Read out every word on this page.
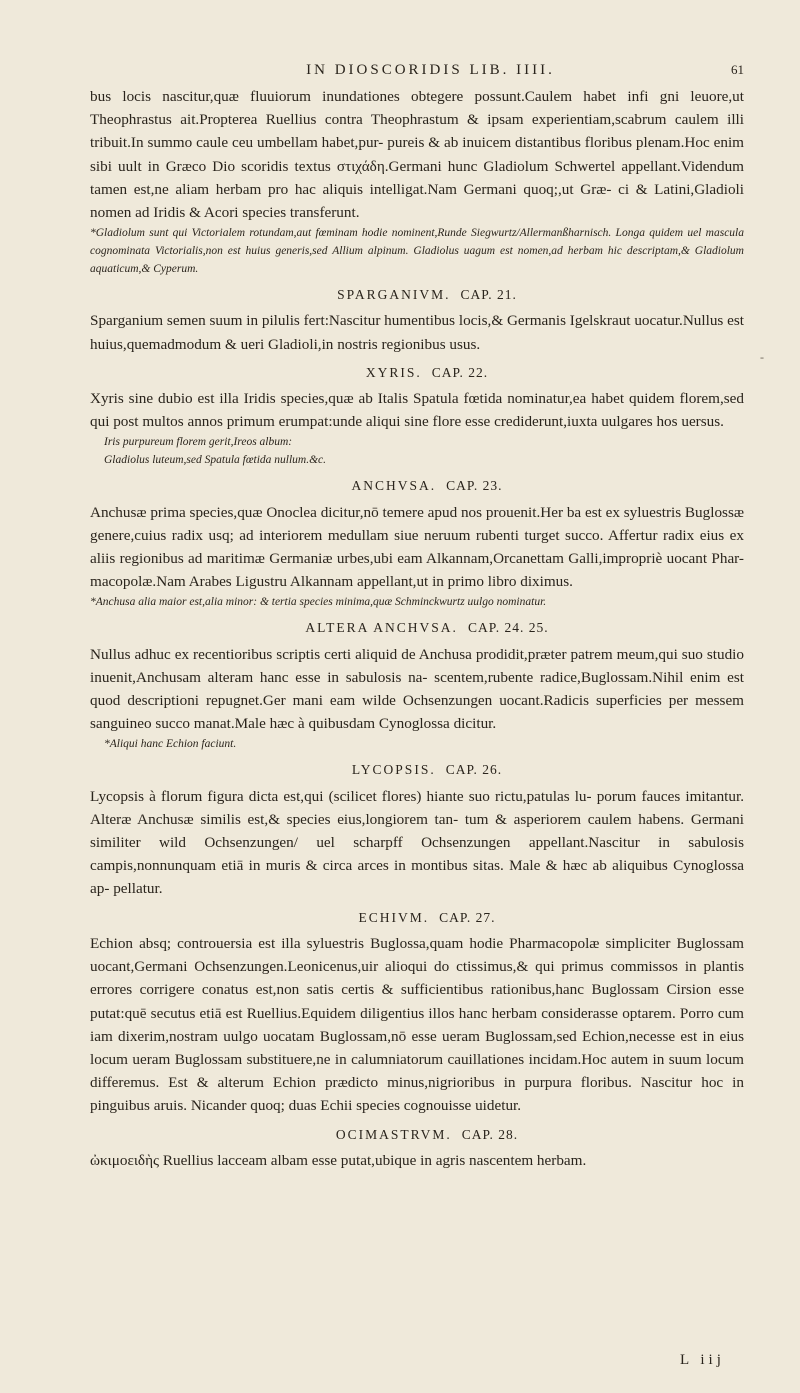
IN DIOSCORIDIS LIB. IIII.	61

bus locis nascitur,quæ fluuiorum inundationes obtegere possunt.Caulem habet infi gni leuore,ut Theophrastus ait.Propterea Ruellius contra Theophrastum & ipsam experientiam,scabrum caulem illi tribuit.In summo caule ceu umbellam habet,pur- pureis & ab inuicem distantibus floribus plenam.Hoc enim sibi uult in Græco Dio scoridis textus στιχάδη.Germani hunc Gladiolum Schwertel appellant.Videndum tamen est,ne aliam herbam pro hac aliquis intelligat.Nam Germani quoq;,ut Græ- ci & Latini,Gladioli nomen ad Iridis & Acori species transferunt.

*Gladiolum sunt qui Victorialem rotundam,aut fœminam hodie nominent,Runde Siegwurtz/Allermanßharnisch. Longa quidem uel mascula cognominata Victorialis,non est huius generis,sed Allium alpinum. Gladiolus uagum est nomen,ad herbam hic descriptam,& Gladiolum aquaticum,& Cyperum.

SPARGANIVM. CAP. 21.

Sparganium semen suum in pilulis fert:Nascitur humentibus locis,& Germanis Igelskraut uocatur.Nullus est huius,quemadmodum & ueri Gladioli,in nostris regionibus usus.

XYRIS. CAP. 22.

Xyris sine dubio est illa Iridis species,quæ ab Italis Spatula fœtida nominatur,ea habet quidem florem,sed qui post multos annos primum erumpat:unde aliqui sine flore esse crediderunt,iuxta uulgares hos uersus.

Iris purpureum florem gerit,Ireos album:

Gladiolus luteum,sed Spatula fœtida nullum.&c.

ANCHVSA. CAP. 23.

Anchusæ prima species,quæ Onoclea dicitur,nō temere apud nos prouenit.Her ba est ex syluestris Buglossæ genere,cuius radix usq; ad interiorem medullam siue neruum rubenti turget succo. Affertur radix eius ex aliis regionibus ad maritimæ Germaniæ urbes,ubi eam Alkannam,Orcanettam Galli,impropriè uocant Phar- macopolæ.Nam Arabes Ligustru Alkannam appellant,ut in primo libro diximus.

*Anchusa alia maior est,alia minor: & tertia species minima,quæ Schminckwurtz uulgo nominatur.

ALTERA ANCHVSA. CAP. 24. 25.

Nullus adhuc ex recentioribus scriptis certi aliquid de Anchusa prodidit,præter patrem meum,qui suo studio inuenit,Anchusam alteram hanc esse in sabulosis na- scentem,rubente radice,Buglossam.Nihil enim est quod descriptioni repugnet.Ger mani eam wilde Ochsenzungen uocant.Radicis superficies per messem sanguineo succo manat.Male hæc à quibusdam Cynoglossa dicitur.

*Aliqui hanc Echion faciunt.

LYCOPSIS. CAP. 26.

Lycopsis à florum figura dicta est,qui (scilicet flores) hiante suo rictu,patulas lu- porum fauces imitantur. Alteræ Anchusæ similis est,& species eius,longiorem tan- tum & asperiorem caulem habens. Germani similiter wild Ochsenzungen/ uel scharpff Ochsenzungen appellant.Nascitur in sabulosis campis,nonnunquam etiā in muris & circa arces in montibus sitas. Male & hæc ab aliquibus Cynoglossa ap- pellatur.

ECHIVM. CAP. 27.

Echion absq; controuersia est illa syluestris Buglossa,quam hodie Pharmacopolæ simpliciter Buglossam uocant,Germani Ochsenzungen.Leonicenus,uir alioqui do ctissimus,& qui primus commissos in plantis errores corrigere conatus est,non satis certis & sufficientibus rationibus,hanc Buglossam Cirsion esse putat:quē secutus etiā est Ruellius.Equidem diligentius illos hanc herbam considerasse optarem. Porro cum iam dixerim,nostram uulgo uocatam Buglossam,nō esse ueram Buglossam,sed Echion,necesse est in eius locum ueram Buglossam substituere,ne in calumniatorum cauillationes incidam.Hoc autem in suum locum differemus. Est & alterum Echion prædicto minus,nigrioribus in purpura floribus. Nascitur hoc in pinguibus aruis. Nicander quoq; duas Echii species cognouisse uidetur.

OCIMASTRVM. CAP. 28.

ὠκιμοειδὴς Ruellius lacceam albam esse putat,ubique in agris nascentem herbam.

-
L iij
